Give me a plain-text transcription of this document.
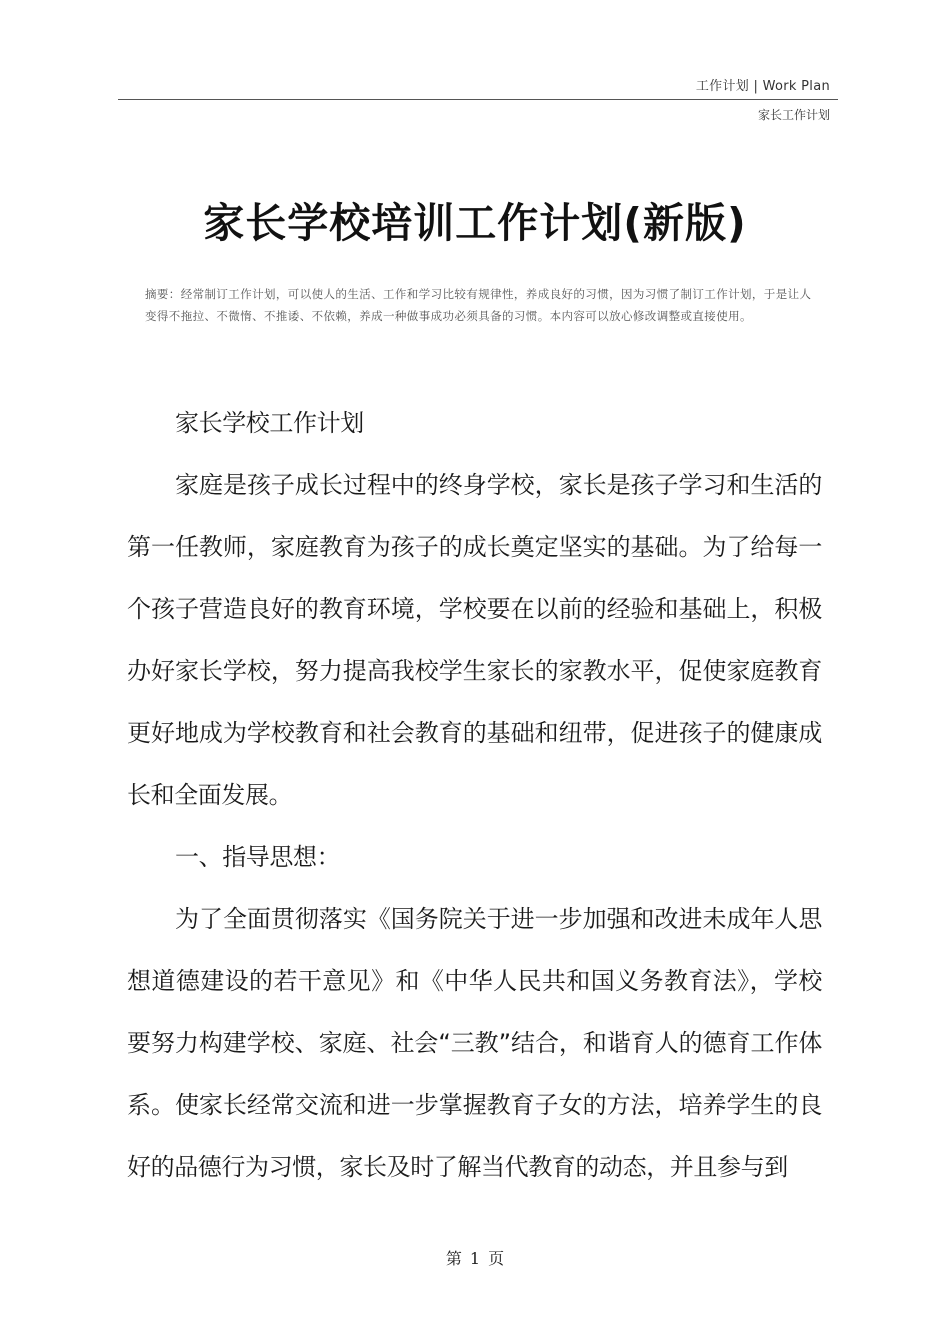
工作计划 | Work Plan
家长工作计划
家长学校培训工作计划(新版)
摘要：经常制订工作计划，可以使人的生活、工作和学习比较有规律性，养成良好的习惯，因为习惯了制订工作计划，于是让人变得不拖拉、不微惰、不推诿、不依赖，养成一种做事成功必须具备的习惯。本内容可以放心修改调整或直接使用。

家长学校工作计划

家庭是孩子成长过程中的终身学校，家长是孩子学习和生活的第一任教师，家庭教育为孩子的成长奠定坚实的基础。为了给每一个孩子营造良好的教育环境，学校要在以前的经验和基础上，积极办好家长学校，努力提高我校学生家长的家教水平，促使家庭教育更好地成为学校教育和社会教育的基础和纽带，促进孩子的健康成长和全面发展。

一、指导思想：

为了全面贯彻落实《国务院关于进一步加强和改进未成年人思想道德建设的若干意见》和《中华人民共和国义务教育法》，学校要努力构建学校、家庭、社会“三教”结合，和谐育人的德育工作体系。使家长经常交流和进一步掌握教育子女的方法，培养学生的良好的品德行为习惯，家长及时了解当代教育的动态，并且参与到

第 1 页
